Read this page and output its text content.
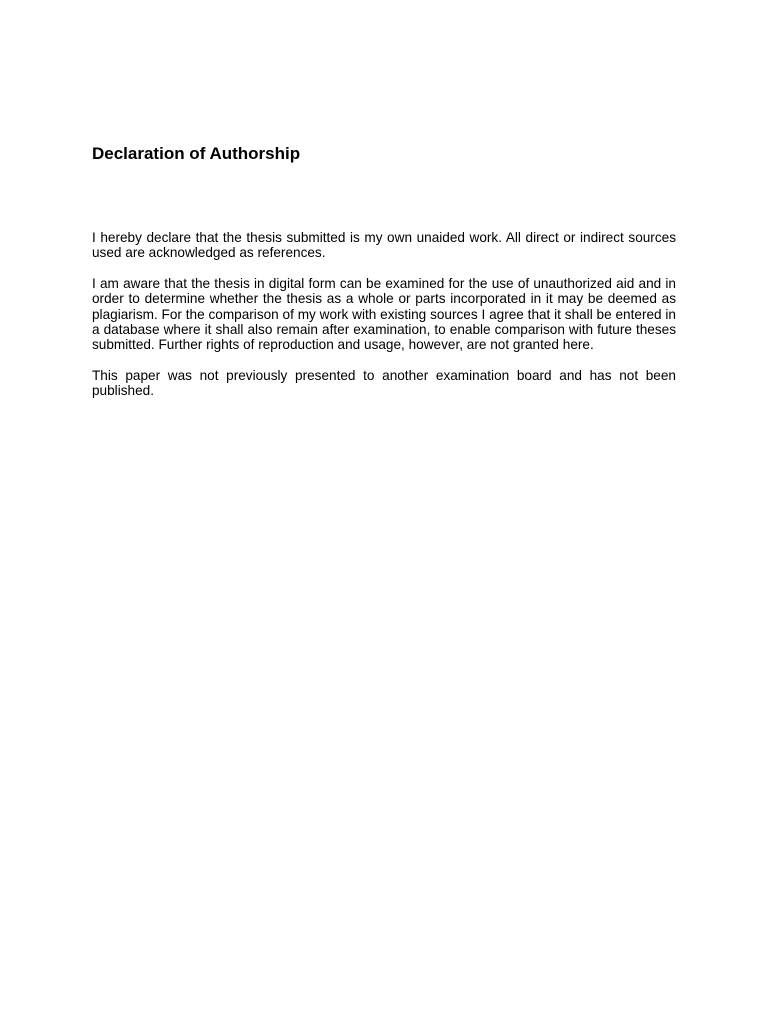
Declaration of Authorship

I hereby declare that the thesis submitted is my own unaided work. All direct or indirect sources used are acknowledged as references.

I am aware that the thesis in digital form can be examined for the use of unauthorized aid and in order to determine whether the thesis as a whole or parts incorporated in it may be deemed as plagiarism. For the comparison of my work with existing sources I agree that it shall be entered in a database where it shall also remain after examination, to enable comparison with future theses submitted. Further rights of reproduction and usage, however, are not granted here.

This paper was not previously presented to another examination board and has not been published.
